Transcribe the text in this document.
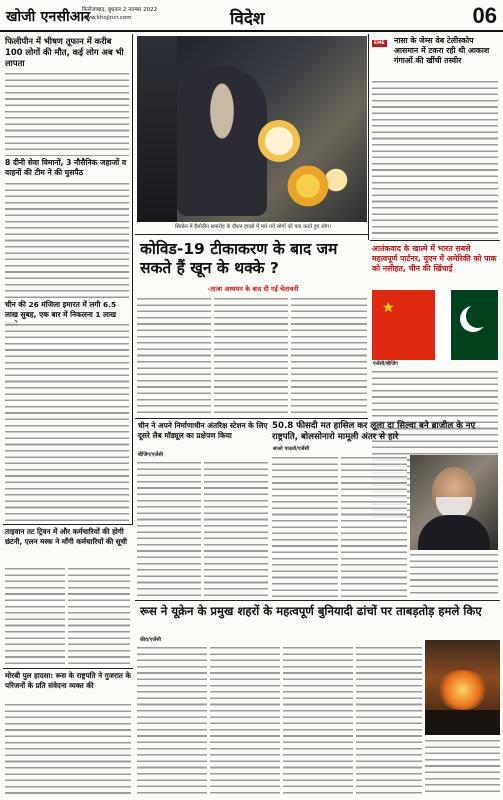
खोजी एनसीआर
फिरोजाबाद, बुधवार 2 नवम्बर 2022
www.khojincr.com	विदेश	06
फिलीपीन में भीषण तूफान में करीब 100 लोगों की मौत, कई लोग अब भी लापता
8 दीनी सेवा विमानों, 3 नौसैनिक जहाजों व वाहनों की टीम ने की घुसपैठ
चीन की 26 मंजिला इमारत में लगी 6.5 लाख सुबह, एक बार में निकलना 1 लाख
सियोल में हैलोवीन समारोह के दौरान हादसे में मारे गये लोगों को याद करते हुए लोग।
EME नासा के जेम्स वेब टेलीस्कोप आसमान में टकरा रही थी आकाश गंगाओं की खींची तस्वीर
कोविड-19 टीकाकरण के बाद जम सकते हैं खून के थक्के ?
-ताजा अध्ययन के बाद दी गई चेतावनी
आतंकवाद के खात्मे में भारत सबसे महत्वपूर्ण पार्टनर, युएन में अमेरिकी को पाक को नसीहत, चीन की खिंचाई
★
एजेंसी/बीजिंग
चीन ने अपने निर्माणाधीन अंतरिक्ष स्टेशन के लिए दूसरे लैब मॉड्यूल का प्रक्षेपण किया
बीजिंग/एजेंसी
50.8 फीसदी मत हासिल कर लूला दा सिल्वा बने ब्राजील के नए राष्ट्रपति, बोलसोनारो मामूली अंतर से हारे
साओ पाउलो/एजेंसी
ताइवान तट ट्रिवन में और कर्मचारियों की होगी छंटनी, एलन मस्क ने माँगी कर्मचारियों की सूची
मोरबी पुल हादसा: रूस के राष्ट्रपति ने गुजरात के परिजनों के प्रति संवेदना व्यक्त की
रूस ने यूक्रेन के प्रमुख शहरों के महत्वपूर्ण बुनियादी ढांचों पर ताबड़तोड़ हमले किए
कीव/एजेंसी
